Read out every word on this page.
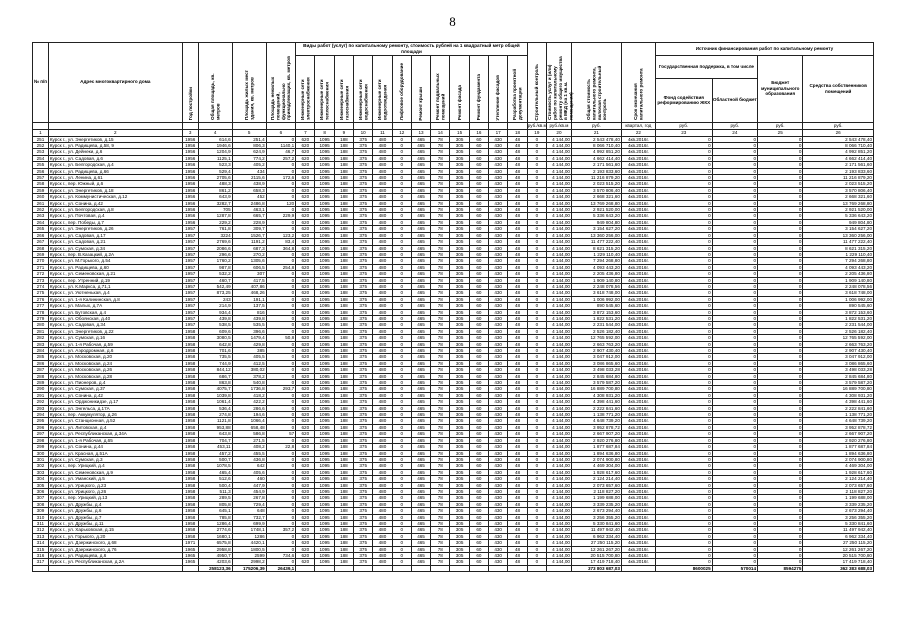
8
№ п/п	Адрес многоквартирного дома	Год постройки	Общая площадь, кв. метров	Площадь жилых мест здания, кв. метров	Площадь нежилых помещений, функционально принадлежащих, кв. метров	Виды работ (услуг) по капитальному ремонту, стоимость рублей на 1 квадратный метр общей площади												Строительный контроль	Стоимость услуг и (или) работ по капитальному ремонту общего имущества в МКД (на 1 кв.м. помещения)	Общая стоимость капитального ремонта, включая строительный контроль	Срок окончания капитального ремонта	Источник финансирования работ по капитальному ремонту			
						Инженерные сети электроснабжения	Инженерные сети теплоснабжения	Инженерные сети газоснабжения	Инженерные сети водоснабжения	Инженерные сети водоотведения	Лифтовое оборудование	Ремонт крыши	Ремонт подвальных помещений	Ремонт фасада	Ремонт фундамента	Утепление фасадов	Разработка проектной документации					Государственная поддержка, в том числе		Бюджет муниципального образования	Средства собственников помещений
																						Фонд содействия реформированию ЖКХ	Областной бюджет		
																		руб./кв.м	руб./кв.м	руб.	квартал, год	руб.	руб.	руб.	руб.
1	2	3	4	5	6	7	8	9	10	11	12	13	14	15	16	17	18	19	20	21	22	23	24	25	26
251	Курск г., ул. Энергетиков, д.15	1956	614,6	251,4	0	620	1095	188	375	480	0	465	78	305	60	430	48	0	4 144,00	2 543 478,40	4кв.2016г.	0	0	0	2 543 478,40
252	Курск г., ул. Радищева, д.58, 9	1956	1946,6	806,3	1140,1	620	1095	188	375	480	0	465	78	305	60	430	48	0	4 144,00	8 066 710,40	4кв.2016г.	0	0	0	8 066 710,40
253	Курск г., ул. Дейнеки, д.6	1956	1204,9	624,9	46,7	620	1095	188	375	480	0	465	78	305	60	430	48	0	4 144,00	4 992 851,20	4кв.2016г.	0	0	0	4 992 851,20
254	Курск г., ул. Садовая, д.6	1956	1125,1	774,2	257,2	620	1095	188	375	480	0	465	78	305	60	430	48	0	4 144,00	4 662 414,40	4кв.2016г.	0	0	0	4 662 414,40
255	Курск г., ул. Белгородская, д.4	1956	523,3	405,2	0	620	1095	188	375	480	0	465	78	305	60	430	48	0	4 144,00	2 171 561,60	4кв.2016г.	0	0	0	2 171 561,60
256	Курск г., ул. Радищева, д.66	1956	529,4	434	0	620	1095	188	375	480	0	465	78	305	60	430	48	0	4 144,00	2 193 833,60	4кв.2016г.	0	0	0	2 193 833,60
257	Курск г., ул. Ленина, д.61	1956	2705,6	2115,6	172,6	620	1095	188	375	480	0	465	78	305	60	430	48	0	4 144,00	11 216 879,20	4кв.2016г.	0	0	0	11 216 879,20
258	Курск г., пер. Южный, д.6	1956	488,3	438,9	0	620	1095	188	375	480	0	465	78	305	60	430	48	0	4 144,00	2 023 515,20	4кв.2016г.	0	0	0	2 023 515,20
259	Курск г., ул. Энергетиков, д.18	1956	861,2	658,3	0	620	1095	188	375	480	0	465	78	305	60	430	48	0	4 144,00	3 570 806,40	4кв.2016г.	0	0	0	3 570 806,40
260	Курск г., ул. Коммунистическая, д.12	1956	643,9	452	0	620	1095	188	375	480	0	465	78	305	60	430	48	0	4 144,00	2 668 321,60	4кв.2016г.	0	0	0	2 668 321,60
261	Курск г., ул. Сонина, д.42	1956	3282,7	2486,8	120	620	1095	188	375	480	0	465	78	305	60	430	48	0	4 144,00	13 769 268,80	4кв.2016г.	0	0	0	13 769 268,80
262	Курск г., ул. Белгородская, д.8	1956	705	463,1	0	620	1095	188	375	480	0	465	78	305	60	430	48	0	4 144,00	2 921 520,00	4кв.2016г.	0	0	0	2 921 520,00
263	Курск г., ул. Почтовая, д.4	1956	1287,8	665,7	229,9	620	1095	188	375	480	0	465	78	305	60	430	48	0	4 144,00	5 336 643,20	4кв.2016г.	0	0	0	5 336 643,20
264	Курск г., пер. Победы, д.7	1956	229,2	228,9	0	620	1095	188	375	480	0	465	78	305	60	430	48	0	4 144,00	949 804,80	4кв.2016г.	0	0	0	949 804,80
265	Курск г., ул. Энергетиков, д.26	1957	761,8	309,7	0	620	1095	188	375	480	0	465	78	305	60	430	48	0	4 144,00	3 154 627,20	4кв.2016г.	0	0	0	3 154 627,20
266	Курск г., ул. Садовая, д.17	1957	3224	1526,7	123,2	620	1095	188	375	480	0	465	78	305	60	430	48	0	4 144,00	13 360 256,00	4кв.2016г.	0	0	0	13 360 256,00
267	Курск г., ул. Садовая, д.21	1957	2769,6	1191,2	83,4	620	1095	188	375	480	0	465	78	305	60	430	48	0	4 144,00	11 477 222,40	4кв.2016г.	0	0	0	11 477 222,40
268	Курск г., ул. Сумская, д.34	1957	2086,6	687,3	364,8	620	1095	188	375	480	0	465	78	305	60	430	48	0	4 144,00	8 621 315,20	4кв.2016г.	0	0	0	8 621 315,20
269	Курск г., пер. В.Казацкий, д.2А	1957	296,6	270,2	0	620	1095	188	375	480	0	465	78	305	60	430	48	0	4 144,00	1 229 110,40	4кв.2016г.	0	0	0	1 229 110,40
270	Курск г., ул. М.Горького, д.54	1957	1760,2	1305,6	0	620	1095	188	375	480	0	465	78	305	60	430	48	0	4 144,00	7 294 268,80	4кв.2016г.	0	0	0	7 294 268,80
271	Курск г., ул. Радищева, д.60	1957	987,8	606,5	254,8	620	1095	188	375	480	0	465	78	305	60	430	48	0	4 144,00	4 093 443,20	4кв.2016г.	0	0	0	4 093 443,20
272	Курск г., ул. Семеновская, д.21	1957	532,2	307	0	620	1095	188	375	480	0	465	78	305	60	430	48	0	4 144,00	2 205 436,80	4кв.2016г.	0	0	0	2 205 436,80
273	Курск г., пер. Утренний, д.19	1957	460,7	417,5	0	620	1095	188	375	480	0	465	78	305	60	430	48	0	4 144,00	1 909 140,80	4кв.2016г.	0	0	0	1 909 140,80
274	Курск г., ул. К.Маркса, д.71,1	1957	542,49	407,86	0	620	1095	188	375	480	0	465	78	305	60	430	48	0	4 144,00	2 248 078,56	4кв.2016г.	0	0	0	2 248 078,56
275	Курск г., ул. Уютненькая, д.4	1957	873,25	468,26	0	620	1095	188	375	480	0	465	78	305	60	430	48	0	4 144,00	3 618 748,00	4кв.2016г.	0	0	0	3 618 748,00
276	Курск г., ул. 1-я Калининская, д.8	1957	243	191,1	0	620	1095	188	375	480	0	465	78	305	60	430	48	0	4 144,00	1 006 992,00	4кв.2016г.	0	0	0	1 006 992,00
277	Курск г., ул. Малых, д.7А	1957	214,9	137,5	0	620	1095	188	375	480	0	465	78	305	60	430	48	0	4 144,00	890 545,60	4кв.2016г.	0	0	0	890 545,60
278	Курск г., ул. Бутовская, д.4	1957	934,4	816	0	620	1095	188	375	480	0	465	78	305	60	430	48	0	4 144,00	3 872 153,60	4кв.2016г.	0	0	0	3 872 153,60
279	Курск г., ул. Обоянская, д.40	1957	439,8	439,8	0	620	1095	188	375	480	0	465	78	305	60	430	48	0	4 144,00	1 822 531,20	4кв.2016г.	0	0	0	1 822 531,20
280	Курск г., ул. Садовая, д.34	1957	538,5	535,5	0	620	1095	188	375	480	0	465	78	305	60	430	48	0	4 144,00	2 231 544,00	4кв.2016г.	0	0	0	2 231 544,00
281	Курск г., ул. Энергетиков, д.22	1958	609,6	396,6	0	620	1095	188	375	480	0	465	78	305	60	430	48	0	4 144,00	2 526 182,40	4кв.2016г.	0	0	0	2 526 182,40
282	Курск г., ул. Сумская, д.16	1958	3080,5	1479,4	50,8	620	1095	188	375	480	0	465	78	305	60	430	48	0	4 144,00	12 765 592,00	4кв.2016г.	0	0	0	12 765 592,00
283	Курск г., ул. 1-я Рабочая, д.59	1958	642,8	429,8	0	620	1095	188	375	480	0	465	78	305	60	430	48	0	4 144,00	2 663 763,20	4кв.2016г.	0	0	0	2 663 763,20
284	Курск г., ул. Аэродромная, д.6	1958	701,6	385	0	620	1095	188	375	480	0	465	78	305	60	430	48	0	4 144,00	2 907 430,40	4кв.2016г.	0	0	0	2 907 430,40
285	Курск г., ул. Московская, д.20	1958	735,5	405,5	0	620	1095	188	375	480	0	465	78	305	60	430	48	0	4 144,00	3 047 912,00	4кв.2016г.	0	0	0	3 047 912,00
286	Курск г., ул. Московская, д.24	1958	744,9	412,5	0	620	1095	188	375	480	0	465	78	305	60	430	48	0	4 144,00	3 086 865,60	4кв.2016г.	0	0	0	3 086 865,60
287	Курск г., ул. Московская, д.26	1958	844,12	380,02	0	620	1095	188	375	480	0	465	78	305	60	430	48	0	4 144,00	3 498 033,28	4кв.2016г.	0	0	0	3 498 033,28
288	Курск г., ул. Московская, д.28	1958	686,7	378,2	0	620	1095	188	375	480	0	465	78	305	60	430	48	0	4 144,00	2 845 684,80	4кв.2016г.	0	0	0	2 845 684,80
289	Курск г., ул. Пионеров, д.4	1958	863,8	540,8	0	620	1095	188	375	480	0	465	78	305	60	430	48	0	4 144,00	3 579 587,20	4кв.2016г.	0	0	0	3 579 587,20
290	Курск г., ул. Сумская, д.37	1958	4075,7	1736,8	293,7	620	1095	188	375	480	0	465	78	305	60	430	48	0	4 144,00	16 889 700,80	4кв.2016г.	0	0	0	16 889 700,80
291	Курск г., ул. Сонина, д.42	1958	1039,8	418,2	0	620	1095	188	375	480	0	465	78	305	60	430	48	0	4 144,00	4 308 931,20	4кв.2016г.	0	0	0	4 308 931,20
292	Курск г., ул. Орджоникидзе, д.17	1958	1061,4	422,2	0	620	1095	188	375	480	0	465	78	305	60	430	48	0	4 144,00	4 398 441,60	4кв.2016г.	0	0	0	4 398 441,60
293	Курск г., ул. Энгельса, д.17А	1958	536,4	286,6	0	620	1095	188	375	480	0	465	78	305	60	430	48	0	4 144,00	2 222 841,60	4кв.2016г.	0	0	0	2 222 841,60
294	Курск г., пер. Аккумулятор, д.26	1958	274,8	194,6	0	620	1095	188	375	480	0	465	78	305	60	430	48	0	4 144,00	1 138 771,20	4кв.2016г.	0	0	0	1 138 771,20
295	Курск г., ул. Станционная, д.52	1958	1121,8	1066,4	0	620	1095	188	375	480	0	465	78	305	60	430	48	0	4 144,00	4 648 739,20	4кв.2016г.	0	0	0	4 648 739,20
296	Курск г., ул. Литовская, д.4	1958	953,88	658,48	0	620	1095	188	375	480	0	465	78	305	60	430	48	0	4 144,00	3 952 878,72	4кв.2016г.	0	0	0	3 952 878,72
297	Курск г., ул. Республиканская, д.34А	1958	643,8	586,8	57	620	1095	188	375	480	0	465	78	305	60	430	48	0	4 144,00	2 667 907,20	4кв.2016г.	0	0	0	2 667 907,20
298	Курск г., ул. 1-я Рабочая, д.65	1958	704,7	271,5	0	620	1095	188	375	480	0	465	78	305	60	430	48	0	4 144,00	2 920 276,80	4кв.2016г.	0	0	0	2 920 276,80
299	Курск г., ул. Сонина, д.44	1958	453,11	408,2	22,8	620	1095	188	375	480	0	465	78	305	60	430	48	0	4 144,00	1 877 687,84	4кв.2016г.	0	0	0	1 877 687,84
300	Курск г., ул. Красная, д.51А	1958	457,2	455,5	0	620	1095	188	375	480	0	465	78	305	60	430	48	0	4 144,00	1 894 636,80	4кв.2016г.	0	0	0	1 894 636,80
301	Курск г., ул. Сумская, д.3	1958	500,7	436,8	0	620	1095	188	375	480	0	465	78	305	60	430	48	0	4 144,00	2 074 900,80	4кв.2016г.	0	0	0	2 074 900,80
302	Курск г., пер. Урицкий, д.4	1958	1078,5	642	0	620	1095	188	375	480	0	465	78	305	60	430	48	0	4 144,00	4 469 304,00	4кв.2016г.	0	0	0	4 469 304,00
303	Курск г., ул. Семеновская, д.9	1958	465,4	405,6	0	620	1095	188	375	480	0	465	78	305	60	430	48	0	4 144,00	1 928 617,60	4кв.2016г.	0	0	0	1 928 617,60
304	Курск г., ул. Уманский, д.5	1958	512,6	460	0	620	1095	188	375	480	0	465	78	305	60	430	48	0	4 144,00	2 124 214,40	4кв.2016г.	0	0	0	2 124 214,40
305	Курск г., ул. Урицкого, д.23	1958	500,4	447,9	0	620	1095	188	375	480	0	465	78	305	60	430	48	0	4 144,00	2 073 657,60	4кв.2016г.	0	0	0	2 073 657,60
306	Курск г., ул. Урицкого, д.26	1958	511,3	454,9	0	620	1095	188	375	480	0	465	78	305	60	430	48	0	4 144,00	2 118 827,20	4кв.2016г.	0	0	0	2 118 827,20
307	Курск г., пер. Урицкий, д.13	1958	289,5	267,8	0	620	1095	188	375	480	0	465	78	305	60	430	48	0	4 144,00	1 199 688,00	4кв.2016г.	0	0	0	1 199 688,00
308	Курск г., ул. Дружбы, д.4	1958	805,8	729,4	0	620	1095	188	375	480	0	465	78	305	60	430	48	0	4 144,00	3 339 235,20	4кв.2016г.	0	0	0	3 339 235,20
309	Курск г., ул. Дружбы, д.6	1958	645,1	648	0	620	1095	188	375	480	0	465	78	305	60	430	48	0	4 144,00	2 673 294,40	4кв.2016г.	0	0	0	2 673 294,40
310	Курск г., ул. Дружбы, д.7	1958	785,8	732,7	0	620	1095	188	375	480	0	465	78	305	60	430	48	0	4 144,00	3 256 355,20	4кв.2016г.	0	0	0	3 256 355,20
311	Курск г., ул. Дружбы, д.11	1958	1286,4	699,9	0	620	1095	188	375	480	0	465	78	305	60	430	48	0	4 144,00	5 330 841,60	4кв.2016г.	0	0	0	5 330 841,60
312	Курск г., ул. Харьковская, д.15	1958	2774,6	1748,1	357,2	620	1095	188	375	480	0	465	78	305	60	430	48	0	4 144,00	11 497 942,40	4кв.2016г.	0	0	0	11 497 942,40
313	Курск г., ул. Горького, д.20	1958	1680,1	1286	0	620	1095	188	375	480	0	465	78	305	60	430	48	0	4 144,00	6 962 334,40	4кв.2016г.	0	0	0	6 962 334,40
314	Курск г., ул. Дзержинского, д.68	1971	6575,8	4420,1	0	620	1095	188	375	480	0	465	78	305	60	430	48	0	4 144,00	27 250 115,20	4кв.2016г.	0	0	0	27 250 115,20
315	Курск г., ул. Дзержинского, д.76	1965	2958,8	1800,5	0	620	1095	188	375	480	0	465	78	305	60	430	48	0	4 144,00	12 261 267,20	4кв.2016г.	0	0	0	12 261 267,20
316	Курск г., ул. Радищева, д.6	1965	4950,7	2599	734,6	620	1095	188	375	480	0	465	78	305	60	430	48	0	4 144,00	20 515 700,80	4кв.2016г.	0	0	0	20 515 700,80
317	Курск г., ул. Республиканская, д.2А	1965	4203,6	2998,2	0	620	1095	188	375	480	0	465	78	305	60	430	48	0	4 144,00	17 419 718,40	4кв.2016г.	0	0	0	17 419 718,40
			258123,36	175206,39	26439,1															373 803 687,03		8600025	570014	8594275	362 383 688,03
